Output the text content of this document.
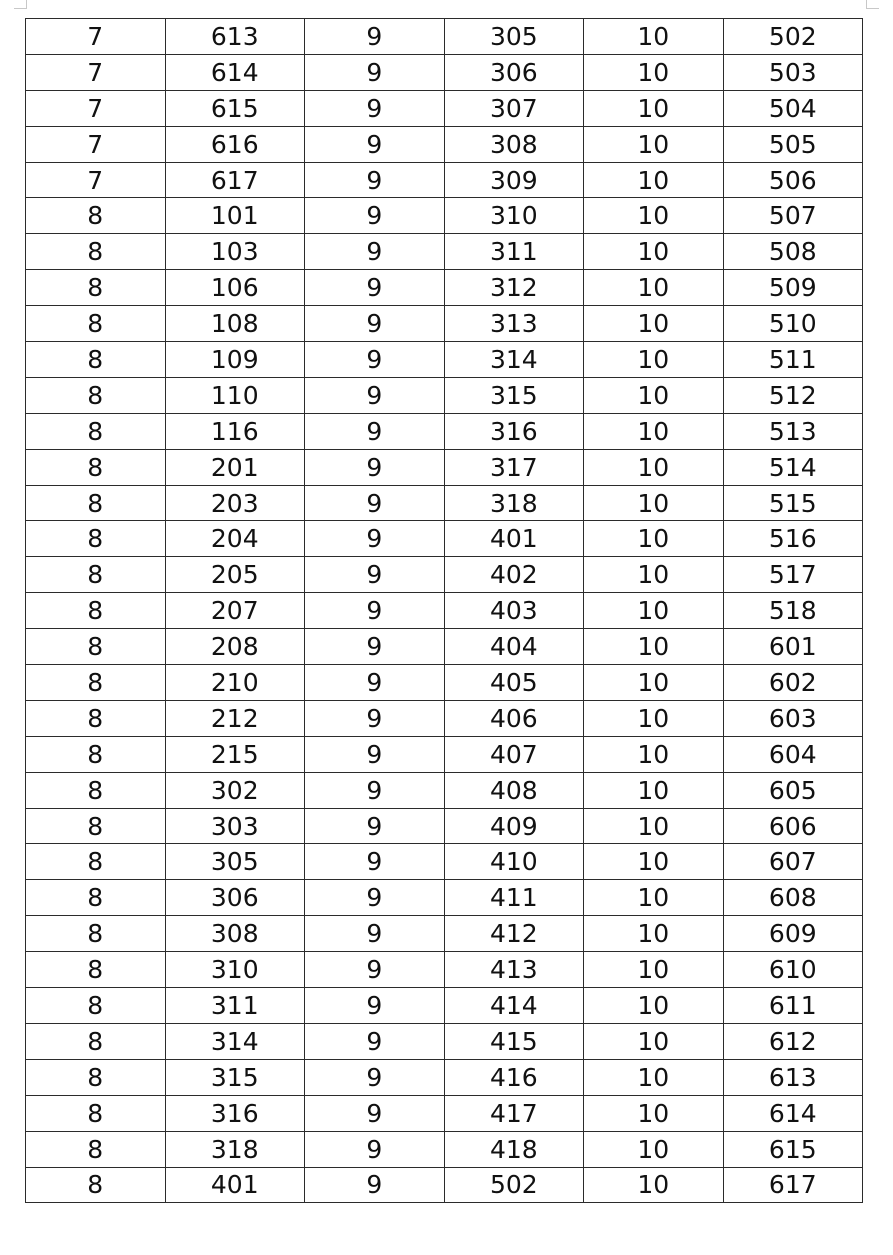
7	613	9	305	10	502
7	614	9	306	10	503
7	615	9	307	10	504
7	616	9	308	10	505
7	617	9	309	10	506
8	101	9	310	10	507
8	103	9	311	10	508
8	106	9	312	10	509
8	108	9	313	10	510
8	109	9	314	10	511
8	110	9	315	10	512
8	116	9	316	10	513
8	201	9	317	10	514
8	203	9	318	10	515
8	204	9	401	10	516
8	205	9	402	10	517
8	207	9	403	10	518
8	208	9	404	10	601
8	210	9	405	10	602
8	212	9	406	10	603
8	215	9	407	10	604
8	302	9	408	10	605
8	303	9	409	10	606
8	305	9	410	10	607
8	306	9	411	10	608
8	308	9	412	10	609
8	310	9	413	10	610
8	311	9	414	10	611
8	314	9	415	10	612
8	315	9	416	10	613
8	316	9	417	10	614
8	318	9	418	10	615
8	401	9	502	10	617
